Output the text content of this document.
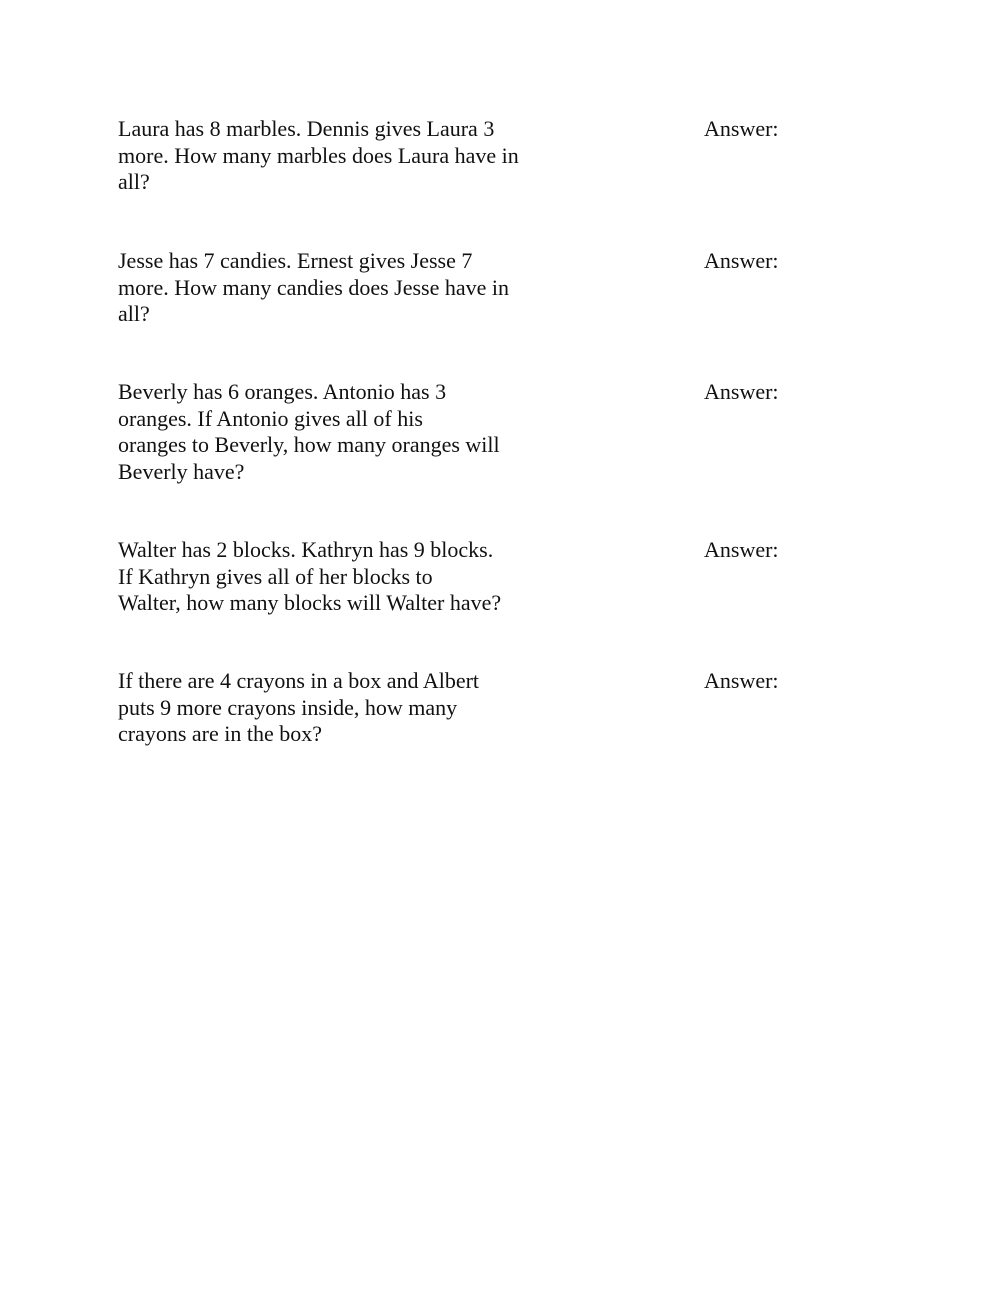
Laura has 8 marbles. Dennis gives Laura 3
more. How many marbles does Laura have in
all?
Answer:
Jesse has 7 candies. Ernest gives Jesse 7
more. How many candies does Jesse have in
all?
Answer:
Beverly has 6 oranges. Antonio has 3
oranges. If Antonio gives all of his
oranges to Beverly, how many oranges will
Beverly have?
Answer:
Walter has 2 blocks. Kathryn has 9 blocks.
If Kathryn gives all of her blocks to
Walter, how many blocks will Walter have?
Answer:
If there are 4 crayons in a box and Albert
puts 9 more crayons inside, how many
crayons are in the box?
Answer:
